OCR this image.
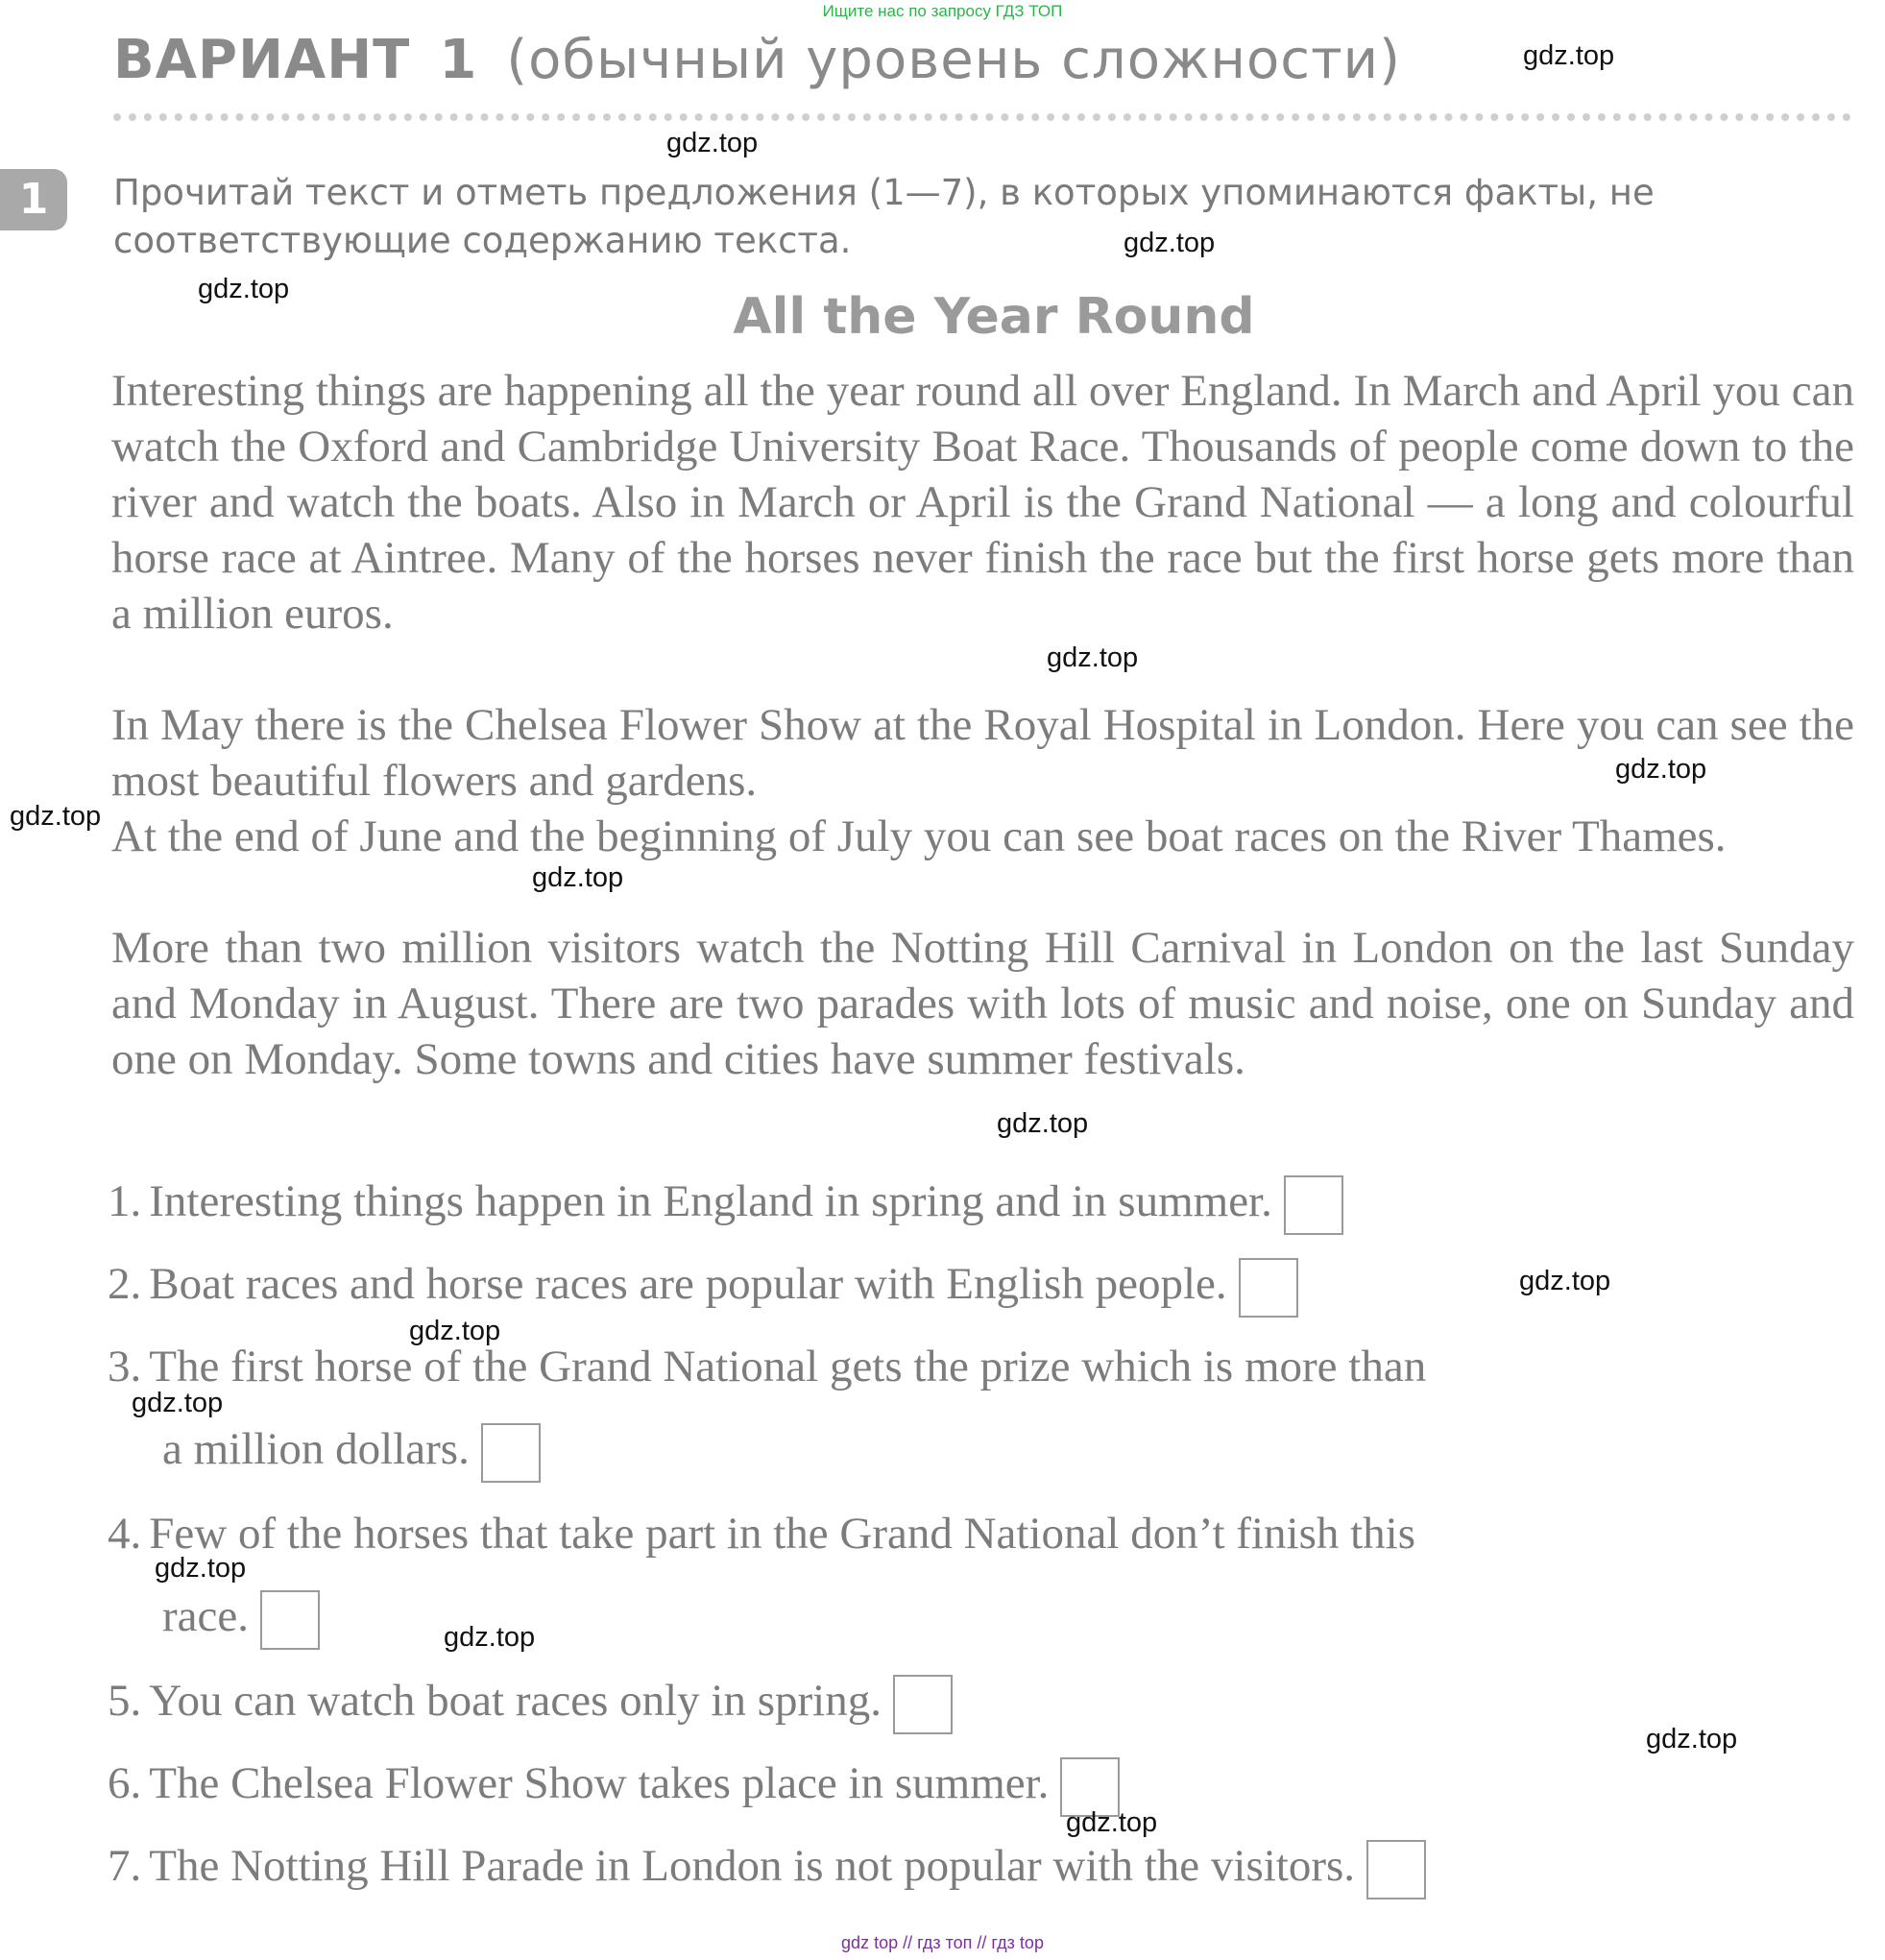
Ищите нас по запросу ГДЗ ТОП
ВАРИАНТ 1 (обычный уровень сложности)
1	Прочитай текст и отметь предложения (1—7), в которых упоминаются факты, не соответствующие содержанию текста.
All the Year Round
Interesting things are happening all the year round all over England. In March and April you can watch the Oxford and Cambridge University Boat Race. Thousands of people come down to the river and watch the boats. Also in March or April is the Grand National — a long and colourful horse race at Aintree. Many of the horses never finish the race but the first horse gets more than a million euros.
In May there is the Chelsea Flower Show at the Royal Hospital in London. Here you can see the most beautiful flowers and gardens.
At the end of June and the beginning of July you can see boat races on the River Thames.
More than two million visitors watch the Notting Hill Carnival in London on the last Sunday and Monday in August. There are two parades with lots of music and noise, one on Sunday and one on Monday. Some towns and cities have summer festivals.
1. Interesting things happen in England in spring and in summer.
2. Boat races and horse races are popular with English people.
3. The first horse of the Grand National gets the prize which is more than
a million dollars.
4. Few of the horses that take part in the Grand National don’t finish this
race.
5. You can watch boat races only in spring.
6. The Chelsea Flower Show takes place in summer.
7. The Notting Hill Parade in London is not popular with the visitors.
gdz.top
gdz.top
gdz.top
gdz.top
gdz.top
gdz.top
gdz.top
gdz.top
gdz.top
gdz.top
gdz.top
gdz.top
gdz.top
gdz.top
gdz.top
gdz.top
gdz top // гдз топ // гдз top
